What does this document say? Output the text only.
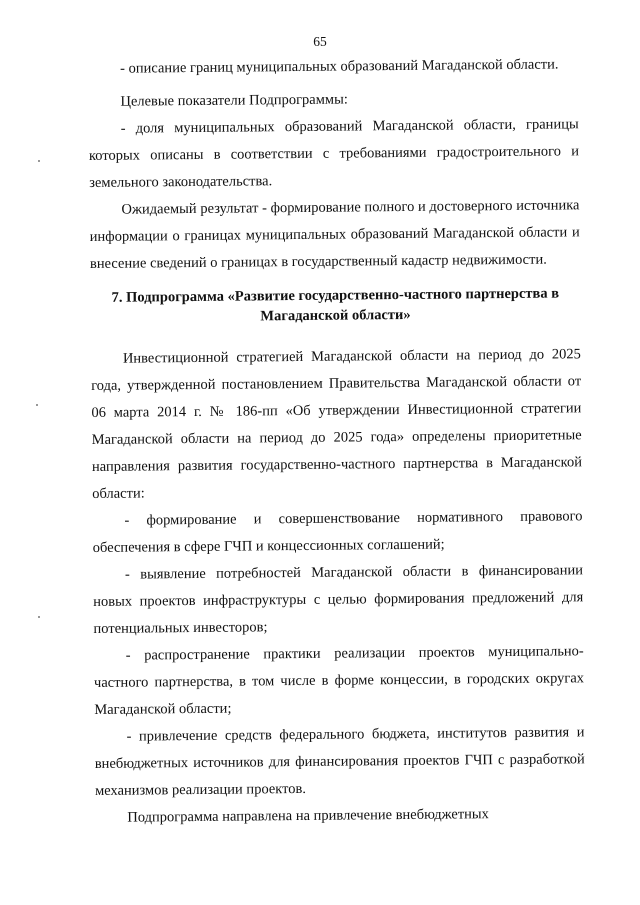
65

- описание границ муниципальных образований Магаданской области.

Целевые показатели Подпрограммы:

- доля муниципальных образований Магаданской области, границы которых описаны в соответствии с требованиями градостроительного и земельного законодательства.

Ожидаемый результат - формирование полного и достоверного источника информации о границах муниципальных образований Магаданской области и внесение сведений о границах в государственный кадастр недвижимости.

7. Подпрограмма «Развитие государственно-частного партнерства в Магаданской области»

Инвестиционной стратегией Магаданской области на период до 2025 года, утвержденной постановлением Правительства Магаданской области от 06 марта 2014 г. № 186-пп «Об утверждении Инвестиционной стратегии Магаданской области на период до 2025 года» определены приоритетные направления развития государственно-частного партнерства в Магаданской области:

- формирование и совершенствование нормативного правового обеспечения в сфере ГЧП и концессионных соглашений;

- выявление потребностей Магаданской области в финансировании новых проектов инфраструктуры с целью формирования предложений для потенциальных инвесторов;

- распространение практики реализации проектов муниципально-частного партнерства, в том числе в форме концессии, в городских округах Магаданской области;

- привлечение средств федерального бюджета, институтов развития и внебюджетных источников для финансирования проектов ГЧП с разработкой механизмов реализации проектов.

Подпрограмма направлена на привлечение внебюджетных
